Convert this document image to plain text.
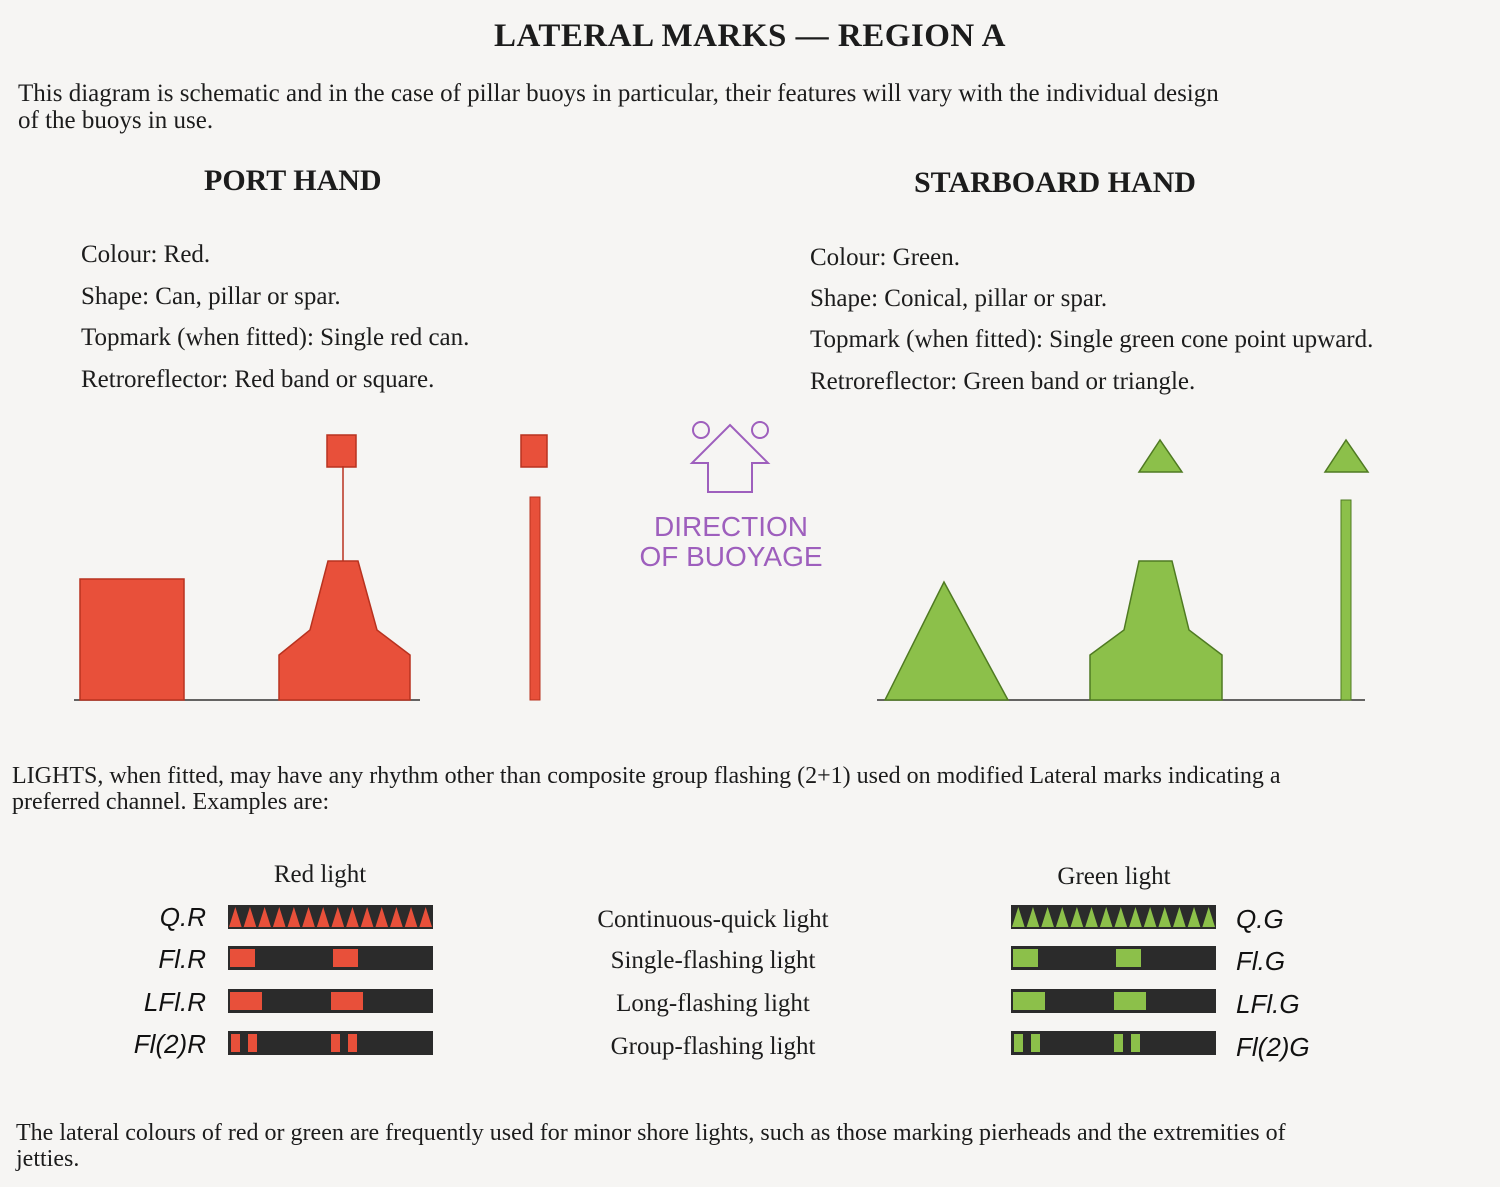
LATERAL MARKS — REGION A
This diagram is schematic and in the case of pillar buoys in particular, their features will vary with the individual design
of the buoys in use.
PORT HAND
Colour: Red.
Shape: Can, pillar or spar.
Topmark (when fitted): Single red can.
Retroreflector: Red band or square.
STARBOARD HAND
Colour: Green.
Shape: Conical, pillar or spar.
Topmark (when fitted): Single green cone point upward.
Retroreflector: Green band or triangle.
DIRECTION
OF BUOYAGE
LIGHTS, when fitted, may have any rhythm other than composite group flashing (2+1) used on modified Lateral marks indicating a
preferred channel. Examples are:
Red light	Green light
Q.R
Fl.R
LFl.R
Fl(2)R
Continuous-quick light
Single-flashing light
Long-flashing light
Group-flashing light
Q.G
Fl.G
LFl.G
Fl(2)G
The lateral colours of red or green are frequently used for minor shore lights, such as those marking pierheads and the extremities of
jetties.
